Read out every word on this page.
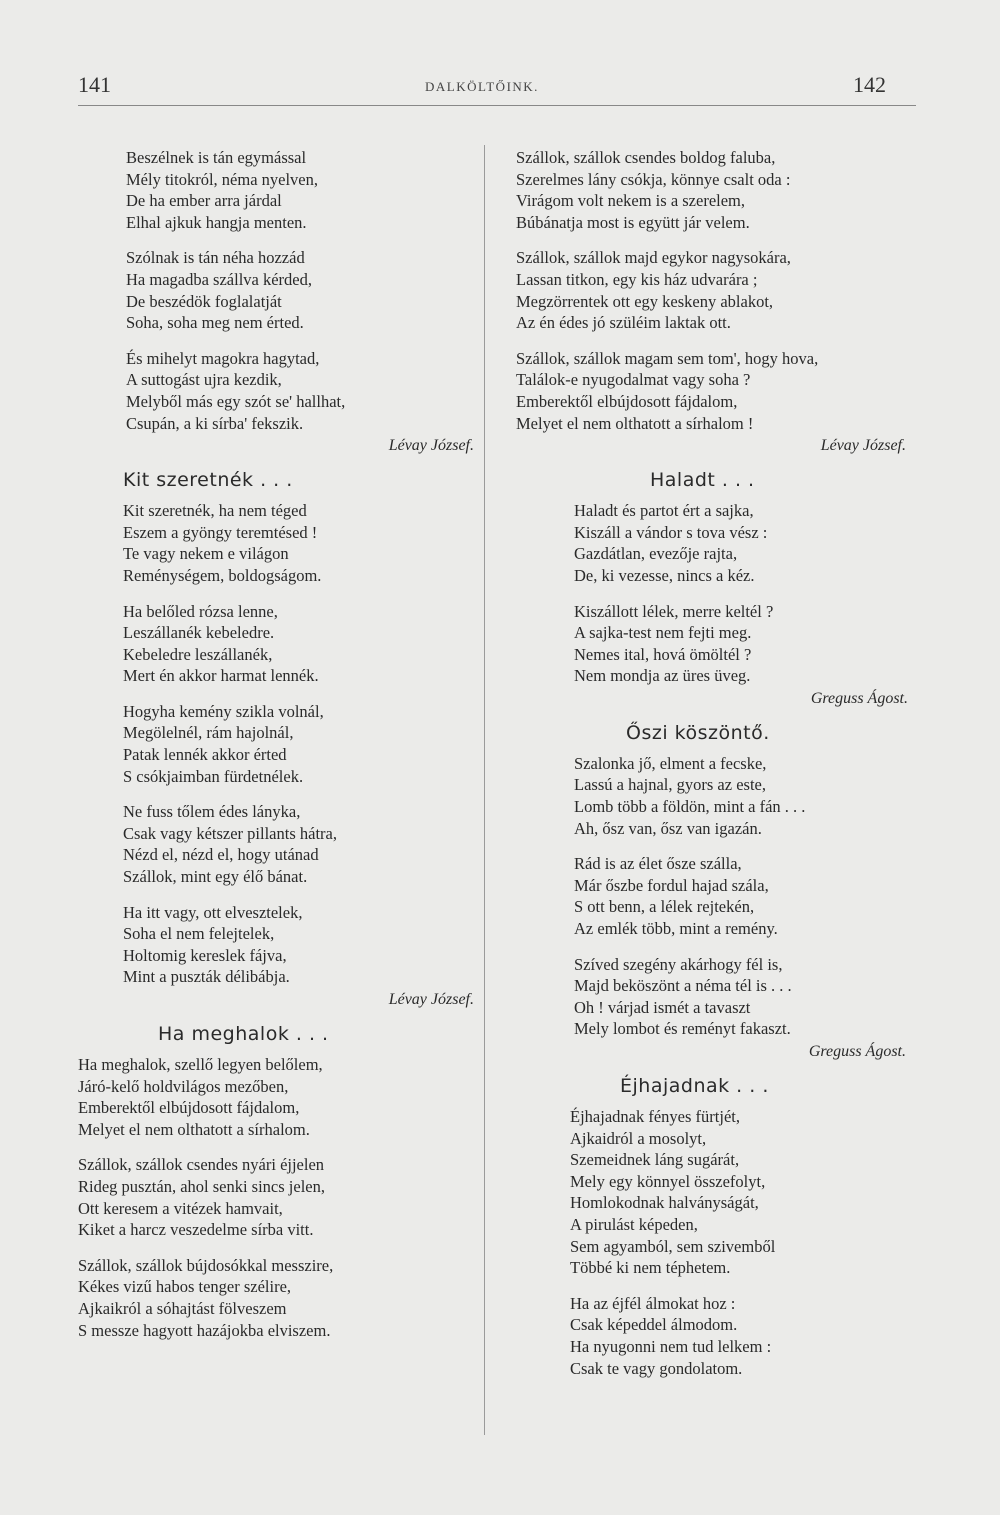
141	DALKÖLTŐINK.	142
Beszélnek is tán egymással
Mély titokról, néma nyelven,
De ha ember arra járdal
Elhal ajkuk hangja menten.
Szólnak is tán néha hozzád
Ha magadba szállva kérded,
De beszédök foglalatját
Soha, soha meg nem érted.
És mihelyt magokra hagytad,
A suttogást ujra kezdik,
Melyből más egy szót se' hallhat,
Csupán, a ki sírba' fekszik.
Lévay József.
Kit szeretnék . . .
Kit szeretnék, ha nem téged
Eszem a gyöngy teremtésed !
Te vagy nekem e világon
Reménységem, boldogságom.
Ha belőled rózsa lenne,
Leszállanék kebeledre.
Kebeledre leszállanék,
Mert én akkor harmat lennék.
Hogyha kemény szikla volnál,
Megölelnél, rám hajolnál,
Patak lennék akkor érted
S csókjaimban fürdetnélek.
Ne fuss tőlem édes lányka,
Csak vagy kétszer pillants hátra,
Nézd el, nézd el, hogy utánad
Szállok, mint egy élő bánat.
Ha itt vagy, ott elvesztelek,
Soha el nem felejtelek,
Holtomig kereslek fájva,
Mint a puszták délibábja.
Lévay József.
Ha meghalok . . .
Ha meghalok, szellő legyen belőlem,
Járó-kelő holdvilágos mezőben,
Emberektől elbújdosott fájdalom,
Melyet el nem olthatott a sírhalom.
Szállok, szállok csendes nyári éjjelen
Rideg pusztán, ahol senki sincs jelen,
Ott keresem a vitézek hamvait,
Kiket a harcz veszedelme sírba vitt.
Szállok, szállok bújdosókkal messzire,
Kékes vizű habos tenger szélire,
Ajkaikról a sóhajtást fölveszem
S messze hagyott hazájokba elviszem.
Szállok, szállok csendes boldog faluba,
Szerelmes lány csókja, könnye csalt oda :
Virágom volt nekem is a szerelem,
Búbánatja most is együtt jár velem.
Szállok, szállok majd egykor nagysokára,
Lassan titkon, egy kis ház udvarára ;
Megzörrentek ott egy keskeny ablakot,
Az én édes jó szüléim laktak ott.
Szállok, szállok magam sem tom', hogy hova,
Találok-e nyugodalmat vagy soha ?
Emberektől elbújdosott fájdalom,
Melyet el nem olthatott a sírhalom !
Lévay József.
Haladt . . .
Haladt és partot ért a sajka,
Kiszáll a vándor s tova vész :
Gazdátlan, evezője rajta,
De, ki vezesse, nincs a kéz.
Kiszállott lélek, merre keltél ?
A sajka-test nem fejti meg.
Nemes ital, hová ömöltél ?
Nem mondja az üres üveg.
Greguss Ágost.
Őszi köszöntő.
Szalonka jő, elment a fecske,
Lassú a hajnal, gyors az este,
Lomb több a földön, mint a fán . . .
Ah, ősz van, ősz van igazán.
Rád is az élet őszе szálla,
Már őszbe fordul hajad szála,
S ott benn, a lélek rejtekén,
Az emlék több, mint a remény.
Szíved szegény akárhogy fél is,
Majd beköszönt a néma tél is . . .
Oh ! várjad ismét a tavaszt
Mely lombot és reményt fakaszt.
Greguss Ágost.
Éjhajadnak . . .
Éjhajadnak fényes fürtjét,
Ajkaidról a mosolyt,
Szemeidnek láng sugárát,
Mely egy könnyel összefolyt,
Homlokodnak halványságát,
A pirulást képeden,
Sem agyamból, sem szivemből
Többé ki nem téphetem.
Ha az éjfél álmokat hoz :
Csak képeddel álmodom.
Ha nyugonni nem tud lelkem :
Csak te vagy gondolatom.
